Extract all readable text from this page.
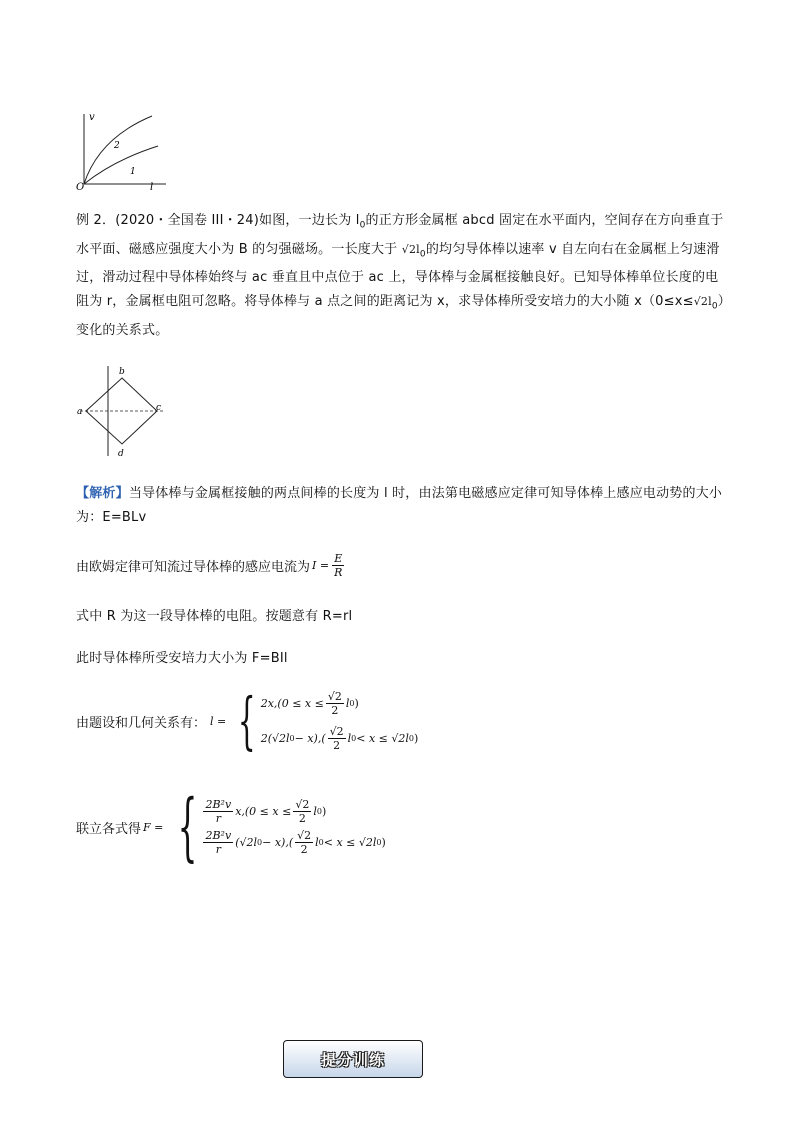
v
l
O
2
1
例 2．(2020・全国卷 III・24)如图，一边长为 $l_0$的正方形金属框 abcd 固定在水平面内，空间存在方向垂直于水平面、磁感应强度大小为 B 的匀强磁场。一长度大于 $√2l_0$的均匀导体棒以速率 v 自左向右在金属框上匀速滑过，滑动过程中导体棒始终与 ac 垂直且中点位于 ac 上，导体棒与金属框接触良好。已知导体棒单位长度的电阻为 r，金属框电阻可忽略。将导体棒与 a 点之间的距离记为 x，求导体棒所受安培力的大小随 $x(0\le x\le√2l_0)$变化的关系式。
a
b
c
d
【解析】当导体棒与金属框接触的两点间棒的长度为 l 时，由法第电磁感应定律可知导体棒上感应电动势的大小为：E=BLv
由欧姆定律可知流过导体棒的感应电流为 $I = \frac{E}{R}$
式中 R 为这一段导体棒的电阻。按题意有 R=rl
此时导体棒所受安培力大小为 F=BIl
由题设和几何关系有： l = { $2x,(0 \le x \le \frac{√2}{2}$ l 0 )
2(√2l $0 - x),( \frac{√2}{2}$ l 0 < x ≤ √2l 0 )
联立各式得 F = { $\frac{\text{2B²v}}{r} x,(0 \le x \le \frac{√2}{2}$ l 0 )
$\frac{\text{2B²v}}{r} (√2l$ $0 - x),( \frac{√2}{2}$ l 0 < x ≤ √2l 0 )
提分训练
